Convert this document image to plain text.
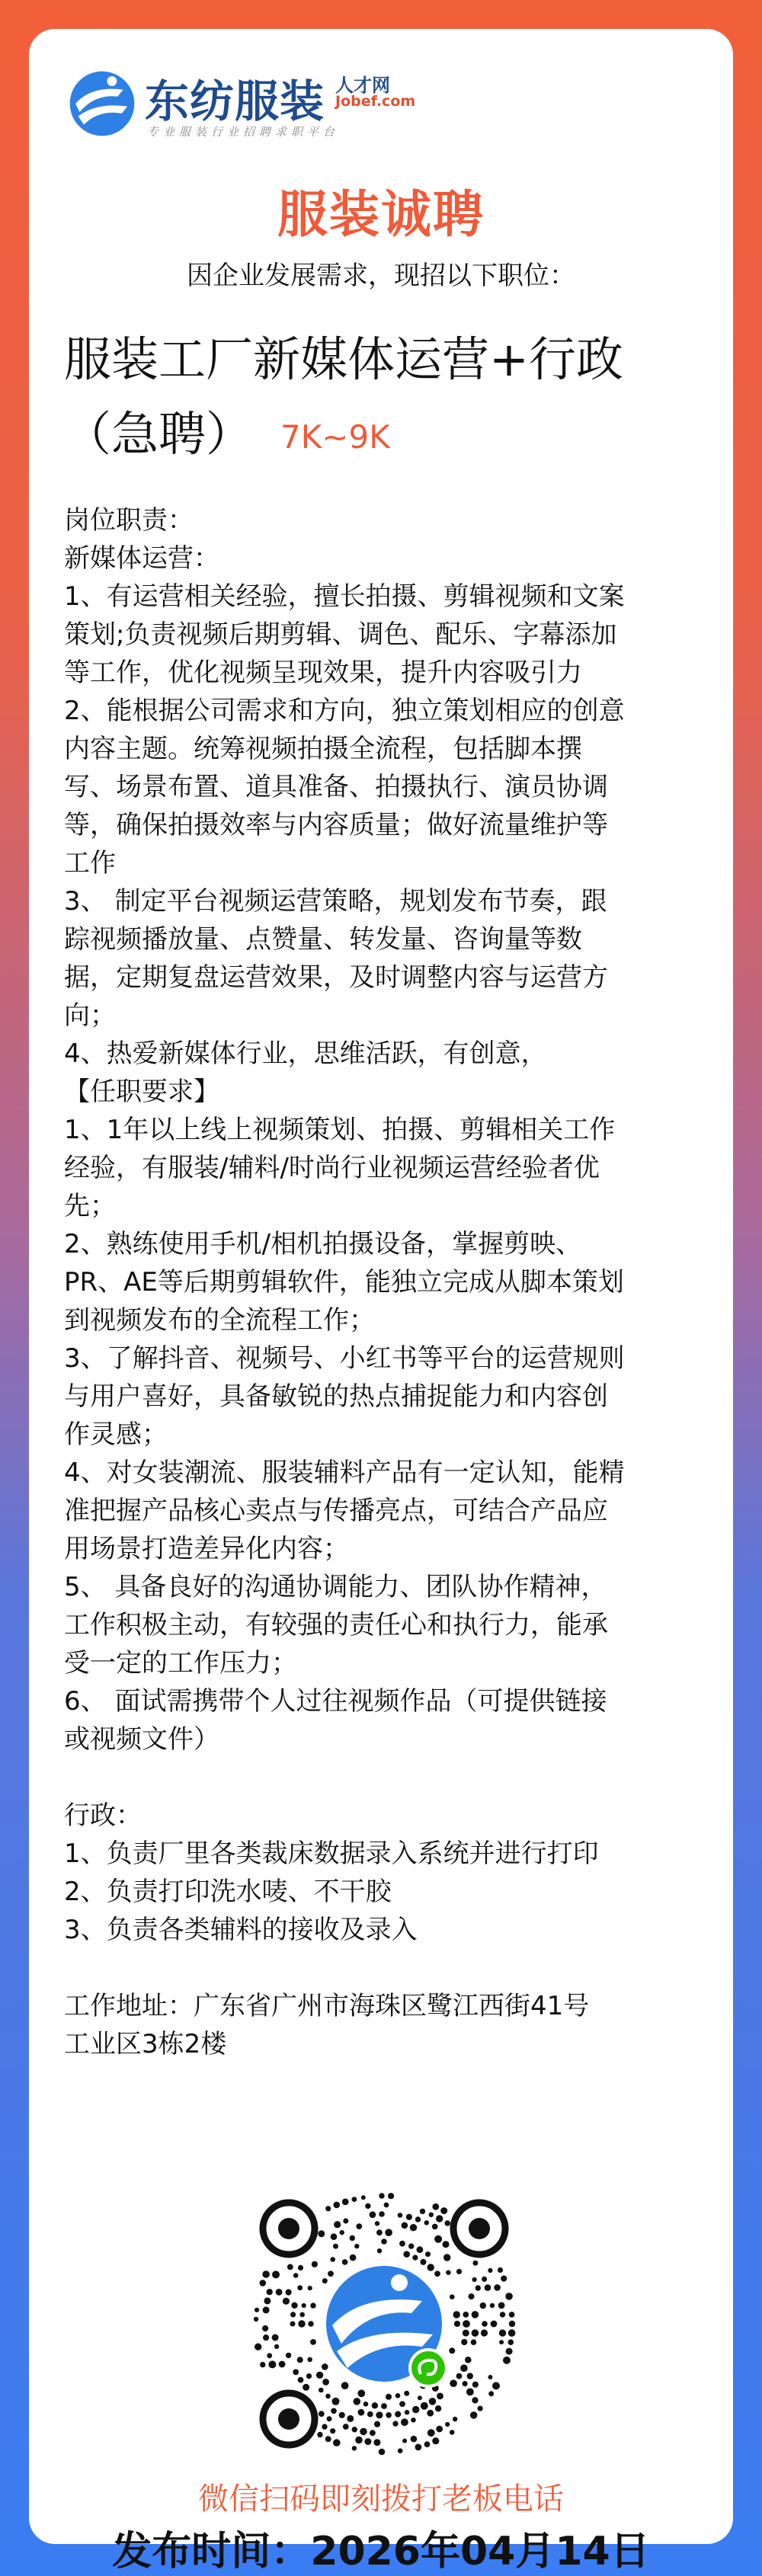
东纺服装 人才网
Jobef.com
专业服装行业招聘求职平台
服装诚聘
因企业发展需求，现招以下职位：
服装工厂新媒体运营+行政
（急聘） 7K~9K
岗位职责：
新媒体运营：
1、有运营相关经验，擅长拍摄、剪辑视频和文案
策划;负责视频后期剪辑、调色、配乐、字幕添加
等工作，优化视频呈现效果，提升内容吸引力
2、能根据公司需求和方向，独立策划相应的创意
内容主题。统筹视频拍摄全流程，包括脚本撰
写、场景布置、道具准备、拍摄执行、演员协调
等，确保拍摄效率与内容质量；做好流量维护等
工作
3、 制定平台视频运营策略，规划发布节奏，跟
踪视频播放量、点赞量、转发量、咨询量等数
据，定期复盘运营效果，及时调整内容与运营方
向；
4、热爱新媒体行业，思维活跃，有创意，
【任职要求】
1、1年以上线上视频策划、拍摄、剪辑相关工作
经验，有服装/辅料/时尚行业视频运营经验者优
先；
2、熟练使用手机/相机拍摄设备，掌握剪映、
PR、AE等后期剪辑软件，能独立完成从脚本策划
到视频发布的全流程工作；
3、了解抖音、视频号、小红书等平台的运营规则
与用户喜好，具备敏锐的热点捕捉能力和内容创
作灵感；
4、对女装潮流、服装辅料产品有一定认知，能精
准把握产品核心卖点与传播亮点，可结合产品应
用场景打造差异化内容；
5、 具备良好的沟通协调能力、团队协作精神，
工作积极主动，有较强的责任心和执行力，能承
受一定的工作压力；
6、 面试需携带个人过往视频作品（可提供链接
或视频文件）
行政：
1、负责厂里各类裁床数据录入系统并进行打印
2、负责打印洗水唛、不干胶
3、负责各类辅料的接收及录入
工作地址：广东省广州市海珠区鹭江西街41号
工业区3栋2楼
微信扫码即刻拨打老板电话
发布时间：2026年04月14日
